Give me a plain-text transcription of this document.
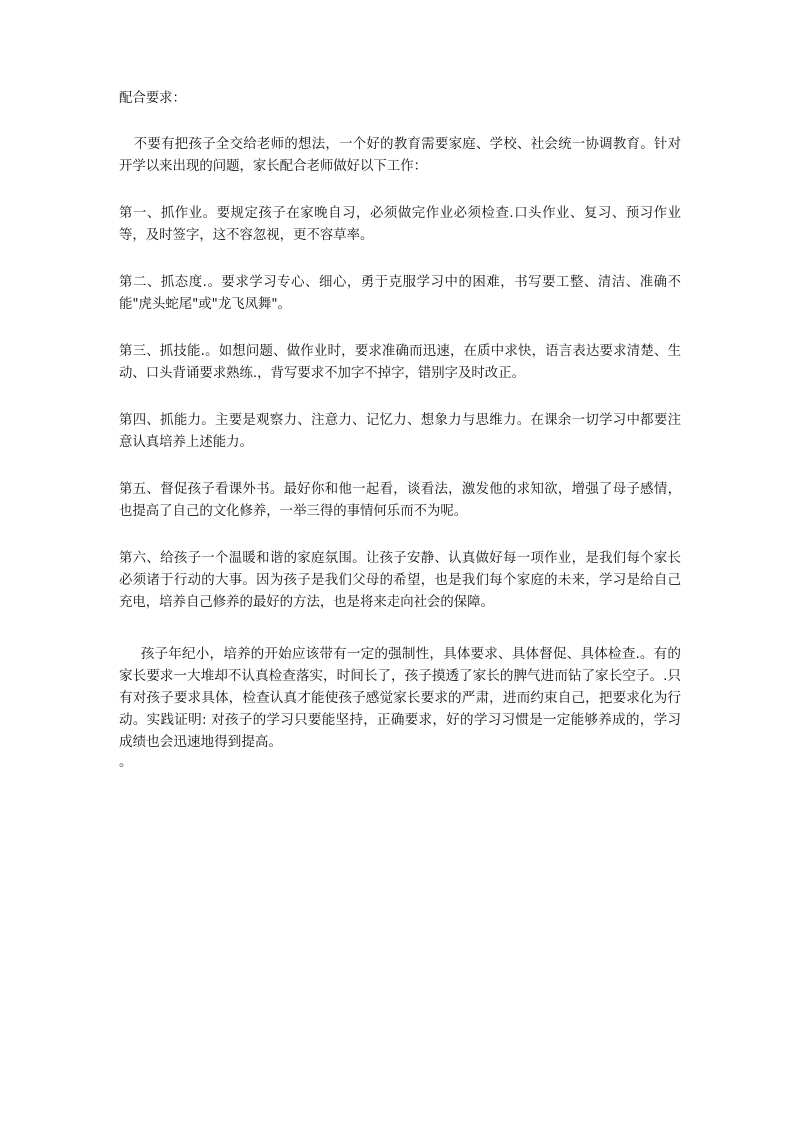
配合要求：

不要有把孩子全交给老师的想法，一个好的教育需要家庭、学校、社会统一协调教育。针对开学以来出现的问题，家长配合老师做好以下工作：

第一、抓作业。要规定孩子在家晚自习，必须做完作业必须检查.口头作业、复习、预习作业等，及时签字，这不容忽视，更不容草率。

第二、抓态度.。要求学习专心、细心，勇于克服学习中的困难，书写要工整、清洁、准确不能"虎头蛇尾"或"龙飞凤舞"。

第三、抓技能.。如想问题、做作业时，要求准确而迅速，在质中求快，语言表达要求清楚、生动、口头背诵要求熟练.，背写要求不加字不掉字，错别字及时改正。

第四、抓能力。主要是观察力、注意力、记忆力、想象力与思维力。在课余一切学习中都要注意认真培养上述能力。

第五、督促孩子看课外书。最好你和他一起看，谈看法，激发他的求知欲，增强了母子感情，也提高了自己的文化修养，一举三得的事情何乐而不为呢。

第六、给孩子一个温暖和谐的家庭氛围。让孩子安静、认真做好每一项作业，是我们每个家长必须诸于行动的大事。因为孩子是我们父母的希望，也是我们每个家庭的未来，学习是给自己充电，培养自己修养的最好的方法，也是将来走向社会的保障。

孩子年纪小，培养的开始应该带有一定的强制性，具体要求、具体督促、具体检查.。有的家长要求一大堆却不认真检查落实，时间长了，孩子摸透了家长的脾气进而钻了家长空子。.只有对孩子要求具体，检查认真才能使孩子感觉家长要求的严肃，进而约束自己，把要求化为行动。实践证明: 对孩子的学习只要能坚持，正确要求，好的学习习惯是一定能够养成的，学习成绩也会迅速地得到提高。

。
